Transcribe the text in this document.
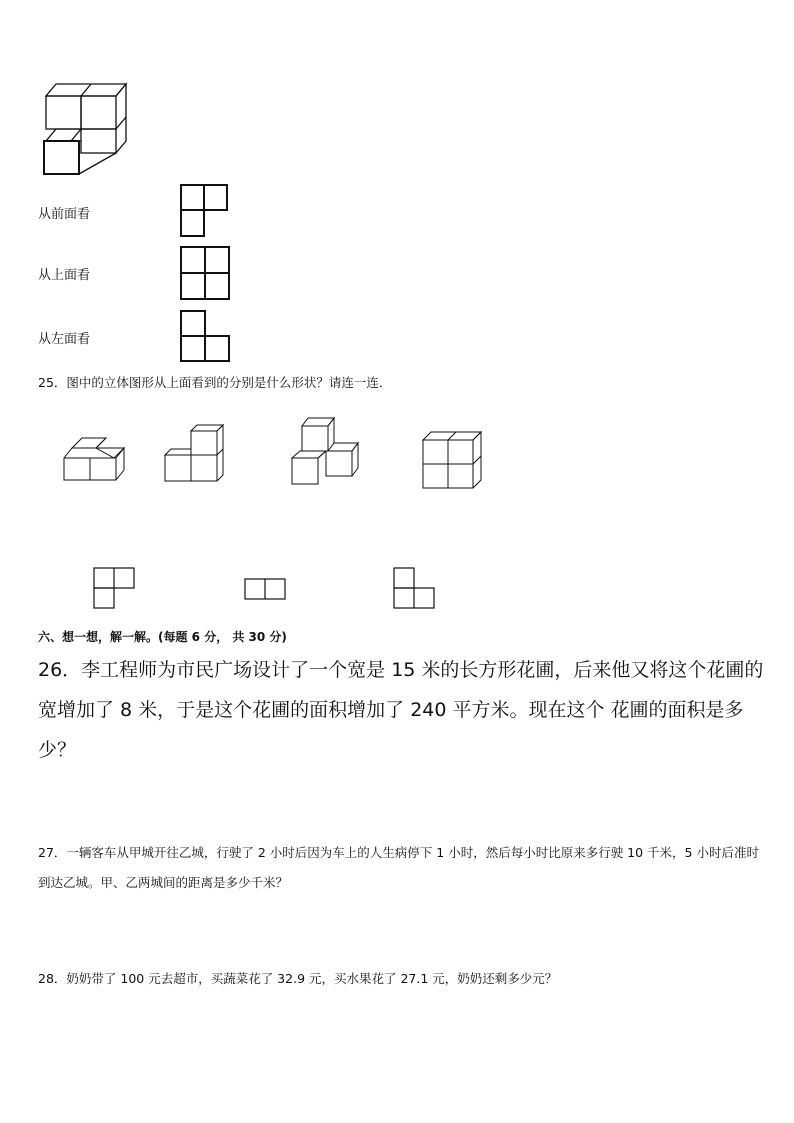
从前面看
从上面看
从左面看
25．图中的立体图形从上面看到的分别是什么形状？请连一连．
六、想一想，解一解。(每题 6 分， 共 30 分)
26．李工程师为市民广场设计了一个宽是 15 米的长方形花圃，后来他又将这个花圃的宽增加了 8 米，于是这个花圃的面积增加了 240 平方米。现在这个 花圃的面积是多少？
27．一辆客车从甲城开往乙城，行驶了 2 小时后因为车上的人生病停下 1 小时，然后每小时比原来多行驶 10 千米，5 小时后准时到达乙城。甲、乙两城间的距离是多少千米？
28．奶奶带了 100 元去超市，买蔬菜花了 32.9 元，买水果花了 27.1 元，奶奶还剩多少元？
